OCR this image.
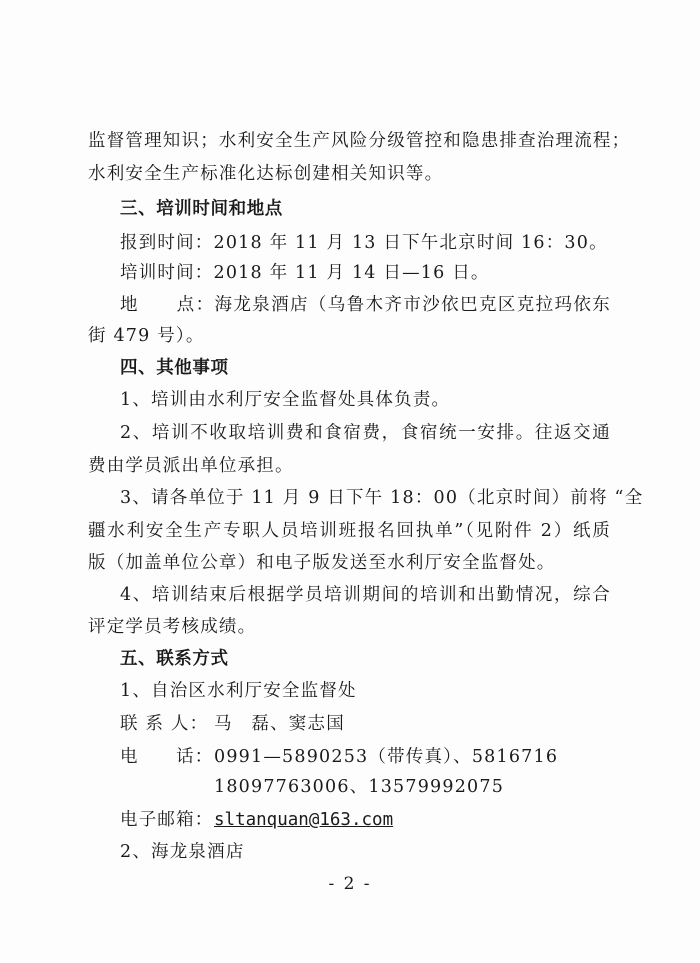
监督管理知识；水利安全生产风险分级管控和隐患排查治理流程；
水利安全生产标准化达标创建相关知识等。
三、培训时间和地点
报到时间：2018 年 11 月 13 日下午北京时间 16：30。
培训时间：2018 年 11 月 14 日—16 日。
地　　点：海龙泉酒店（乌鲁木齐市沙依巴克区克拉玛依东
街 479 号）。
四、其他事项
1、培训由水利厅安全监督处具体负责。
2、培训不收取培训费和食宿费，食宿统一安排。往返交通
费由学员派出单位承担。
3、请各单位于 11 月 9 日下午 18：00（北京时间）前将 “全
疆水利安全生产专职人员培训班报名回执单”（见附件 2）纸质
版（加盖单位公章）和电子版发送至水利厅安全监督处。
4、培训结束后根据学员培训期间的培训和出勤情况，综合
评定学员考核成绩。
五、联系方式
1、自治区水利厅安全监督处
联 系 人： 马　磊、窦志国
电　　话： 0991—5890253（带传真）、5816716
18097763006、13579992075
电子邮箱： sltanquan@163.com
2、海龙泉酒店
- 2 -
